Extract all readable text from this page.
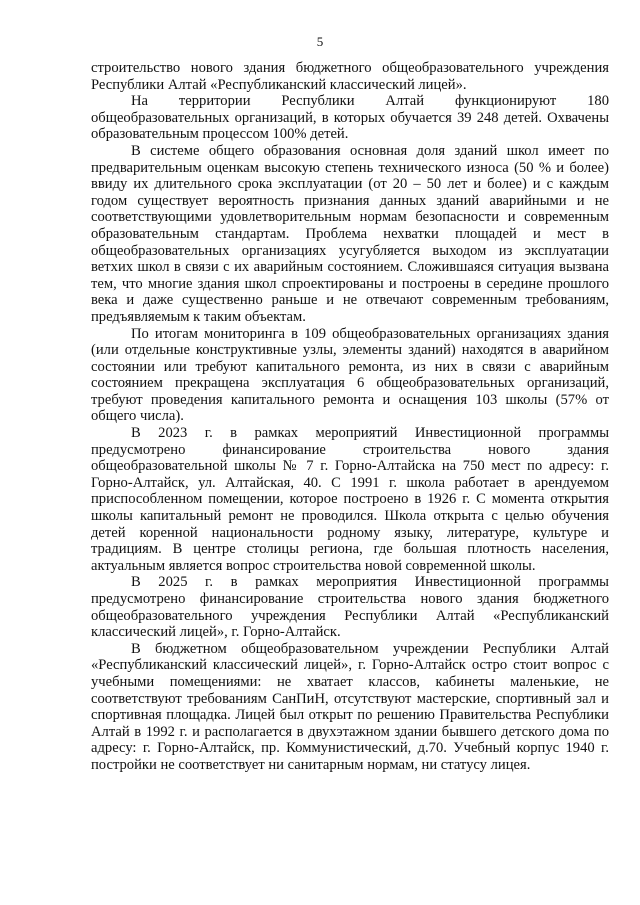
5

строительство нового здания бюджетного общеобразовательного учреждения Республики Алтай «Республиканский классический лицей».

На территории Республики Алтай функционируют 180 общеобразовательных организаций, в которых обучается 39 248 детей. Охвачены образовательным процессом 100% детей.

В системе общего образования основная доля зданий школ имеет по предварительным оценкам высокую степень технического износа (50 % и более) ввиду их длительного срока эксплуатации (от 20 – 50 лет и более) и с каждым годом существует вероятность признания данных зданий аварийными и не соответствующими удовлетворительным нормам безопасности и современным образовательным стандартам. Проблема нехватки площадей и мест в общеобразовательных организациях усугубляется выходом из эксплуатации ветхих школ в связи с их аварийным состоянием. Сложившаяся ситуация вызвана тем, что многие здания школ спроектированы и построены в середине прошлого века и даже существенно раньше и не отвечают современным требованиям, предъявляемым к таким объектам.

По итогам мониторинга в 109 общеобразовательных организациях здания (или отдельные конструктивные узлы, элементы зданий) находятся в аварийном состоянии или требуют капитального ремонта, из них в связи с аварийным состоянием прекращена эксплуатация 6 общеобразовательных организаций, требуют проведения капитального ремонта и оснащения 103 школы (57% от общего числа).

В 2023 г. в рамках мероприятий Инвестиционной программы предусмотрено финансирование строительства нового здания общеобразовательной школы № 7 г. Горно-Алтайска на 750 мест по адресу: г. Горно-Алтайск, ул. Алтайская, 40. С 1991 г. школа работает в арендуемом приспособленном помещении, которое построено в 1926 г. С момента открытия школы капитальный ремонт не проводился. Школа открыта с целью обучения детей коренной национальности родному языку, литературе, культуре и традициям. В центре столицы региона, где большая плотность населения, актуальным является вопрос строительства новой современной школы.

В 2025 г. в рамках мероприятия Инвестиционной программы предусмотрено финансирование строительства нового здания бюджетного общеобразовательного учреждения Республики Алтай «Республиканский классический лицей», г. Горно-Алтайск.

В бюджетном общеобразовательном учреждении Республики Алтай «Республиканский классический лицей», г. Горно-Алтайск остро стоит вопрос с учебными помещениями: не хватает классов, кабинеты маленькие, не соответствуют требованиям СанПиН, отсутствуют мастерские, спортивный зал и спортивная площадка. Лицей был открыт по решению Правительства Республики Алтай в 1992 г. и располагается в двухэтажном здании бывшего детского дома по адресу: г. Горно-Алтайск, пр. Коммунистический, д.70. Учебный корпус 1940 г. постройки не соответствует ни санитарным нормам, ни статусу лицея.
